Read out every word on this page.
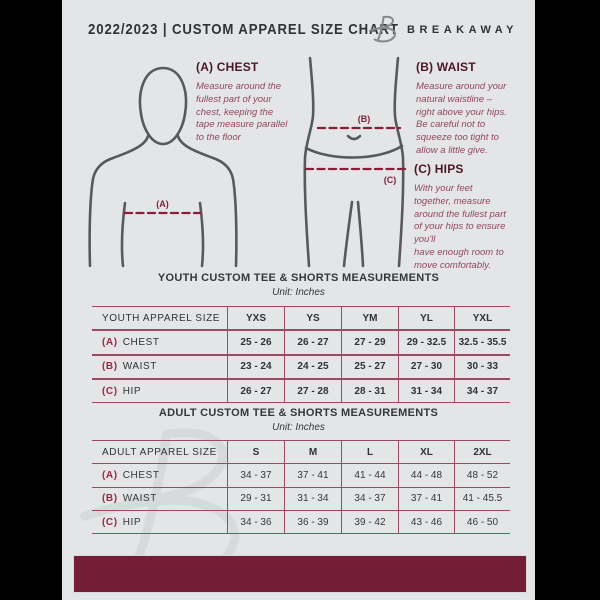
2022/2023 | CUSTOM APPAREL SIZE CHART BREAKAWAY
(A)
(B)
(C)
(A) CHEST

Measure around the
fullest part of your
chest, keeping the
tape measure parallel
to the floor

(B) WAIST

Measure around your
natural waistline –
right above your hips.
Be careful not to
squeeze too tight to
allow a little give.

(C) HIPS

With your feet
together, measure
around the fullest part
of your hips to ensure
you'll
have enough room to
move comfortably.

YOUTH CUSTOM TEE & SHORTS MEASUREMENTS
Unit: Inches
YOUTH APPAREL SIZE	YXS	YS	YM	YL	YXL
(A) CHEST	25 - 26	26 - 27	27 - 29	29 - 32.5	32.5 - 35.5
(B) WAIST	23 - 24	24 - 25	25 - 27	27 - 30	30 - 33
(C) HIP	26 - 27	27 - 28	28 - 31	31 - 34	34 - 37
ADULT CUSTOM TEE & SHORTS MEASUREMENTS
Unit: Inches
ADULT APPAREL SIZE	S	M	L	XL	2XL
(A) CHEST	34 - 37	37 - 41	41 - 44	44 - 48	48 - 52
(B) WAIST	29 - 31	31 - 34	34 - 37	37 - 41	41 - 45.5
(C) HIP	34 - 36	36 - 39	39 - 42	43 - 46	46 - 50
